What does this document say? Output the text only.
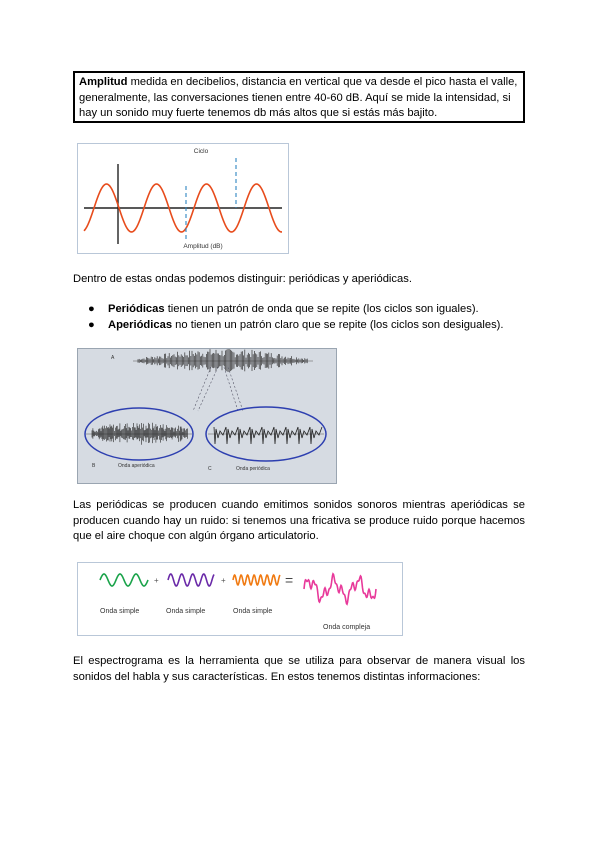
Amplitud medida en decibelios, distancia en vertical que va desde el pico hasta el valle, generalmente, las conversaciones tienen entre 40-60 dB. Aquí se mide la intensidad, si hay un sonido muy fuerte tenemos db más altos que si estás más bajito.
Ciclo
Amplitud (dB)
Dentro de estas ondas podemos distinguir: periódicas y aperiódicas.
● Periódicas tienen un patrón de onda que se repite (los ciclos son iguales).
● Aperiódicas no tienen un patrón claro que se repite (los ciclos son desiguales).
A
B	Onda aperiódica	C	Onda periódica
Las periódicas se producen cuando emitimos sonidos sonoros mientras aperiódicas se producen cuando hay un ruido: si tenemos una fricativa se produce ruido porque hacemos que el aire choque con algún órgano articulatorio.
+	+	=
Onda simple	Onda simple	Onda simple
Onda compleja
El espectrograma es la herramienta que se utiliza para observar de manera visual los sonidos del habla y sus características. En estos tenemos distintas informaciones:
